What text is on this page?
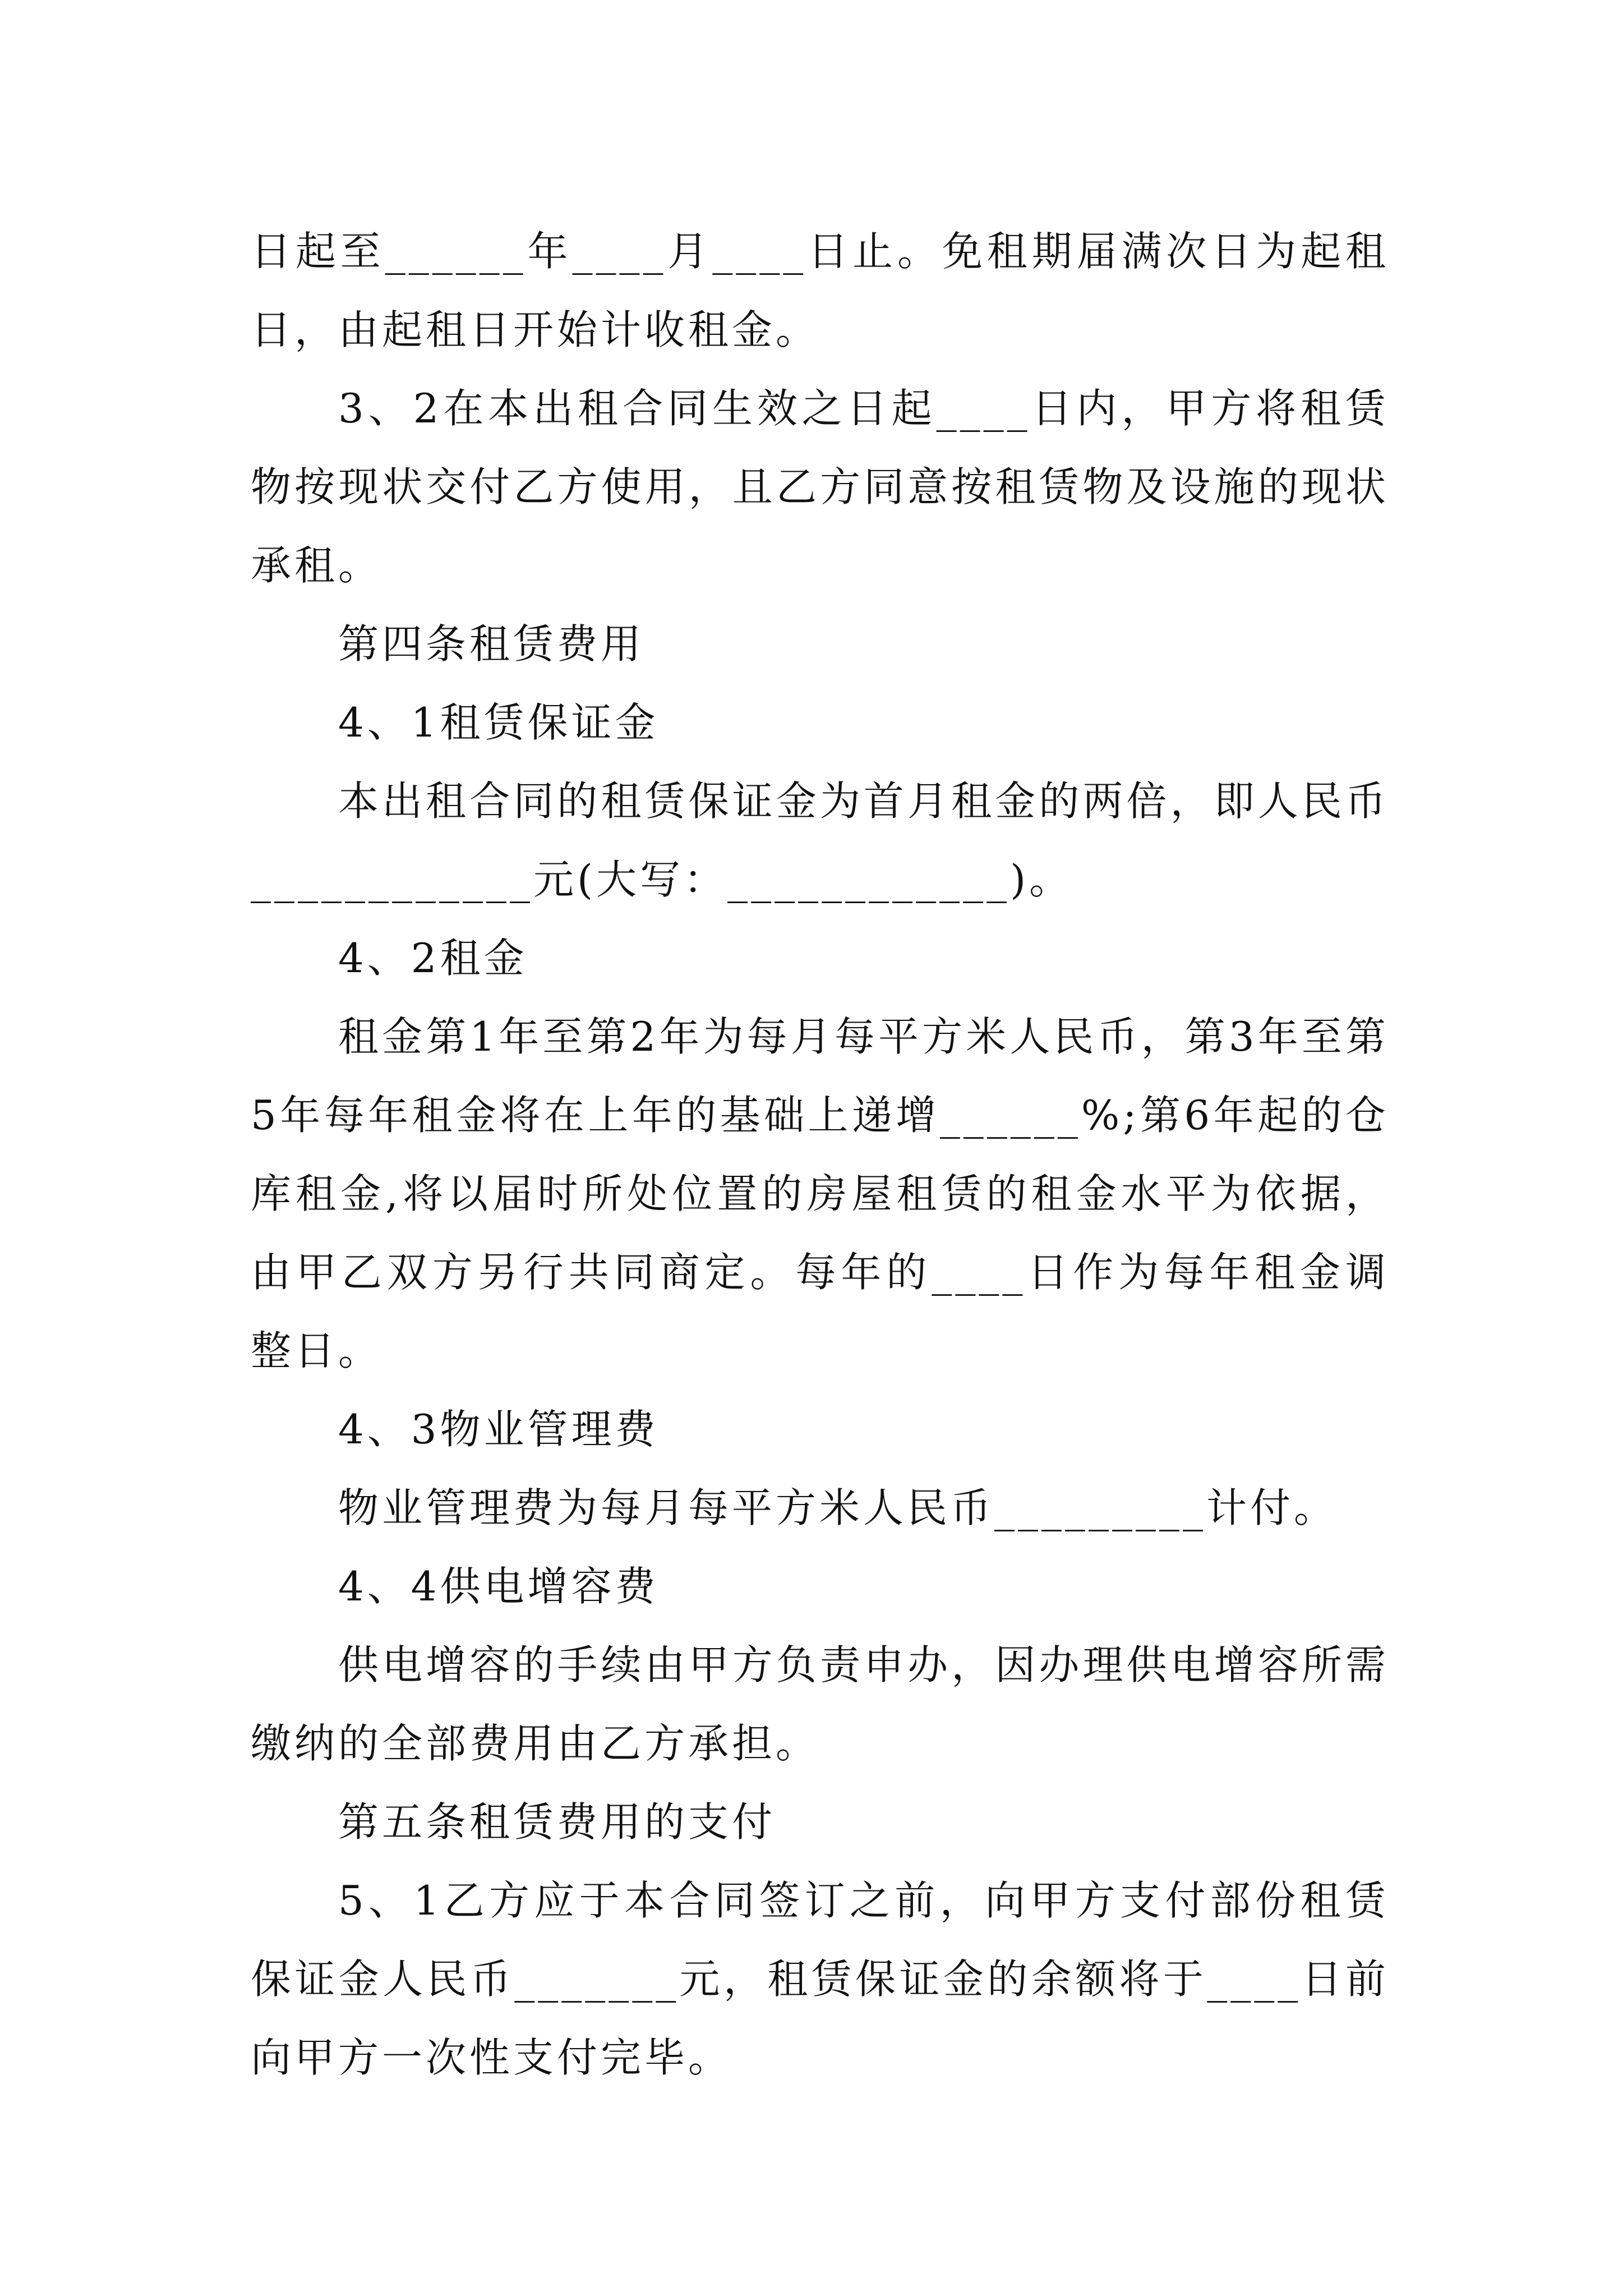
日起至______年____月____日止。免租期届满次日为起租日，由起租日开始计收租金。

3、2在本出租合同生效之日起____日内，甲方将租赁物按现状交付乙方使用，且乙方同意按租赁物及设施的现状承租。

第四条租赁费用

4、1租赁保证金

本出租合同的租赁保证金为首月租金的两倍，即人民币____________元(大写：____________)。

4、2租金

租金第1年至第2年为每月每平方米人民币，第3年至第5年每年租金将在上年的基础上递增______%;第6年起的仓库租金,将以届时所处位置的房屋租赁的租金水平为依据，由甲乙双方另行共同商定。每年的____日作为每年租金调整日。

4、3物业管理费

物业管理费为每月每平方米人民币_________计付。

4、4供电增容费

供电增容的手续由甲方负责申办，因办理供电增容所需缴纳的全部费用由乙方承担。

第五条租赁费用的支付

5、1乙方应于本合同签订之前，向甲方支付部份租赁保证金人民币_______元，租赁保证金的余额将于____日前向甲方一次性支付完毕。
